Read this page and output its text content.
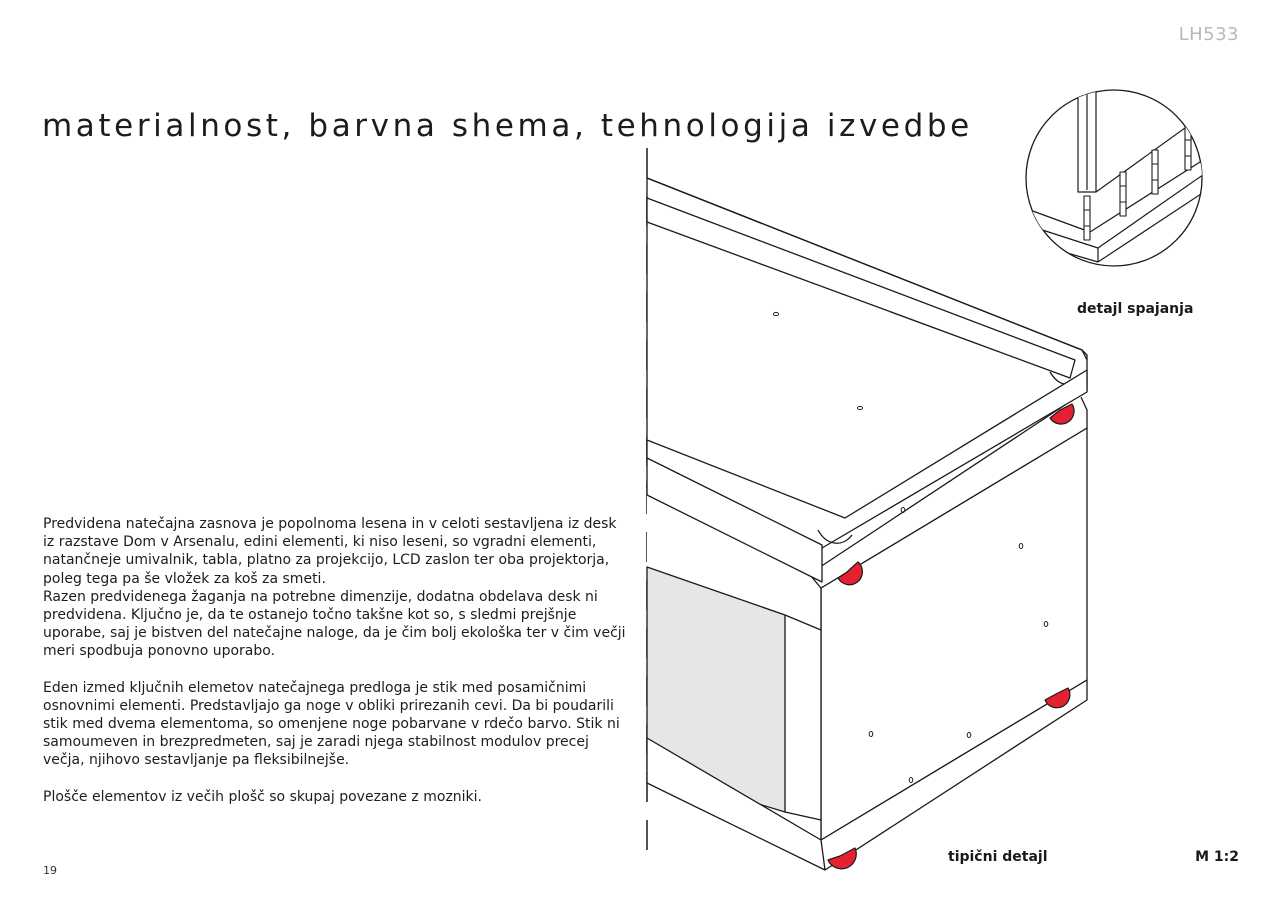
LH533
materialnost, barvna shema, tehnologija izvedbe

Predvidena natečajna zasnova je popolnoma lesena in v celoti sestavljena iz desk iz razstave Dom v Arsenalu, edini elementi, ki niso leseni, so vgradni elementi, natančneje umivalnik, tabla, platno za projekcijo, LCD zaslon ter oba projektorja, poleg tega pa še vložek za koš za smeti.
Razen predvidenega žaganja na potrebne dimenzije, dodatna obdelava desk ni predvidena. Ključno je, da te ostanejo točno takšne kot so, s sledmi prejšnje uporabe, saj je bistven del natečajne naloge, da je čim bolj ekološka ter v čim večji meri spodbuja ponovno uporabo.

Eden izmed ključnih elemetov natečajnega predloga je stik med posamičnimi osnovnimi elementi. Predstavljajo ga noge v obliki prirezanih cevi. Da bi poudarili stik med dvema elementoma, so omenjene noge pobarvane v rdečo barvo. Stik ni samoumeven in brezpredmeten, saj je zaradi njega stabilnost modulov precej večja, njihovo sestavljanje pa fleksibilnejše.

Plošče elementov iz večih plošč so skupaj povezane z mozniki.

19
detajl spajanja
tipični detajl	M 1:2
